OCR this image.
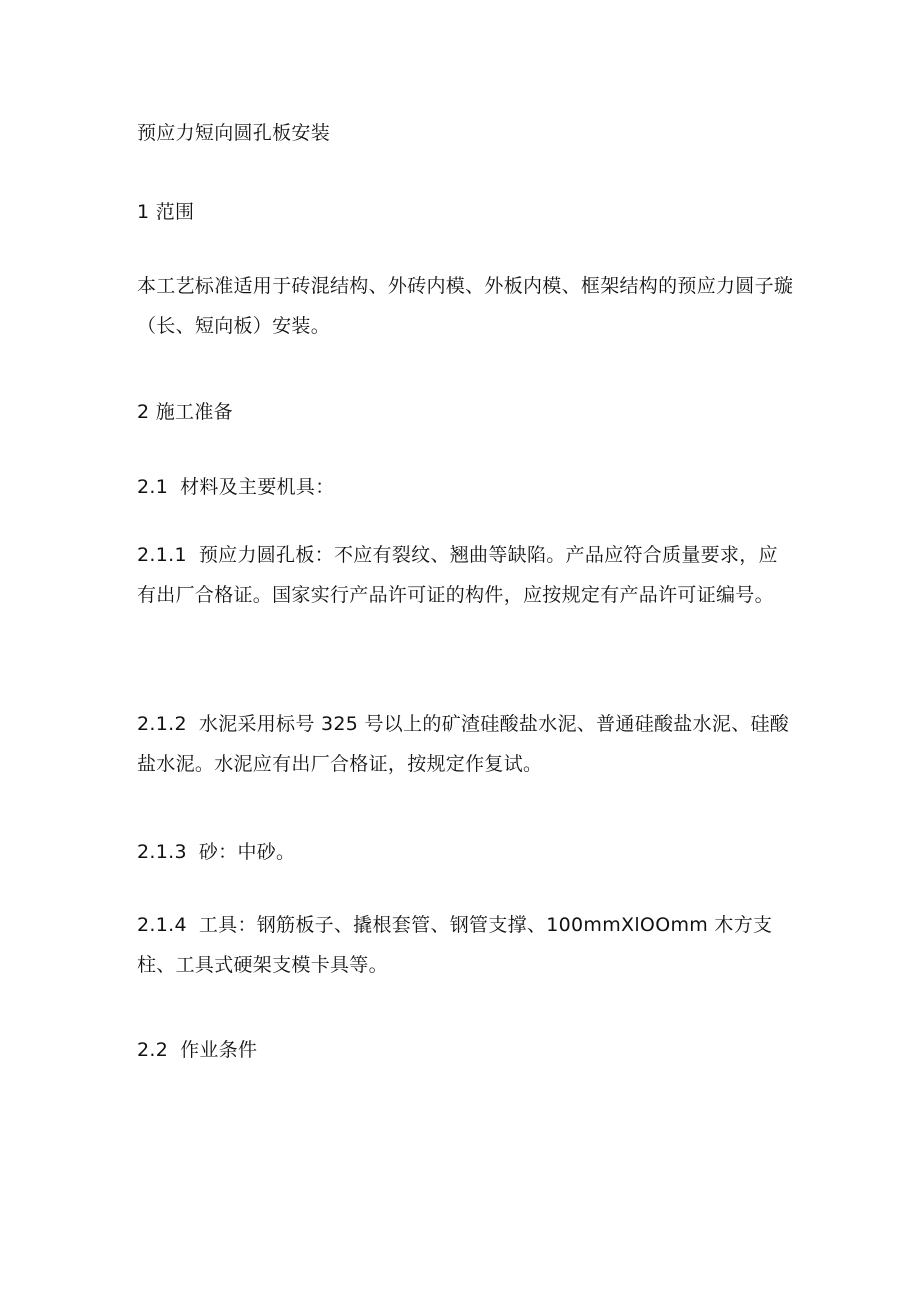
预应力短向圆孔板安装

1 范围

本工艺标准适用于砖混结构、外砖内模、外板内模、框架结构的预应力圆子璇（长、短向板）安装。

2 施工准备

2.1 材料及主要机具：

2.1.1 预应力圆孔板：不应有裂纹、翘曲等缺陷。产品应符合质量要求，应有出厂合格证。国家实行产品许可证的构件，应按规定有产品许可证编号。

2.1.2 水泥采用标号 325 号以上的矿渣硅酸盐水泥、普通硅酸盐水泥、硅酸盐水泥。水泥应有出厂合格证，按规定作复试。

2.1.3 砂：中砂。

2.1.4 工具：钢筋板子、撬根套管、钢管支撑、100mmXlOOmm 木方支柱、工具式硬架支模卡具等。

2.2 作业条件
